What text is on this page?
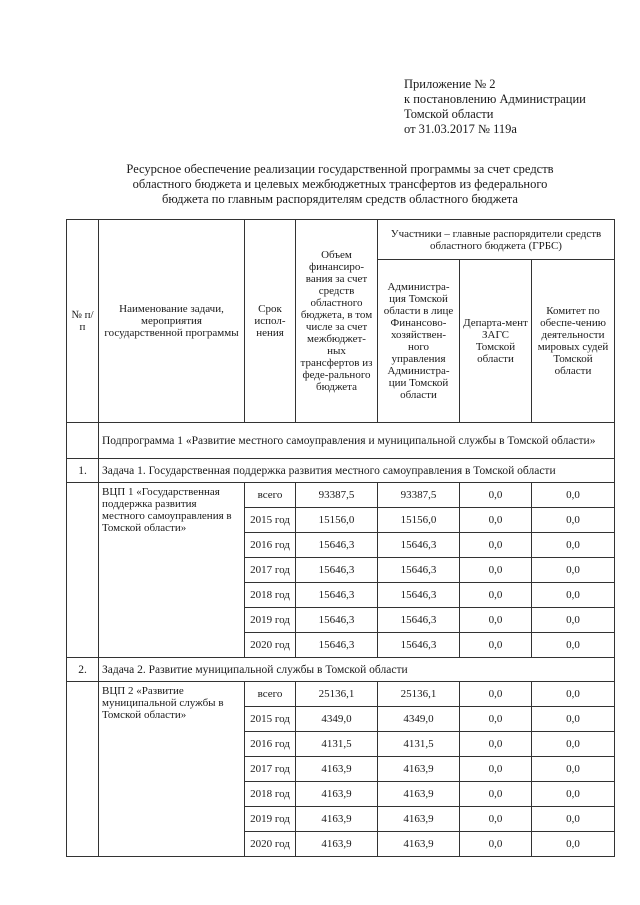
Приложение № 2
к постановлению Администрации
Томской области
от 31.03.2017 № 119а
Ресурсное обеспечение реализации государственной программы за счет средств
областного бюджета и целевых межбюджетных трансфертов из федерального
бюджета по главным распорядителям средств областного бюджета
№ п/п	Наименование задачи, мероприятия государственной программы	Срок испол-нения	Объем финансиро-вания за счет средств областного бюджета, в том числе за счет межбюджет-ных трансфертов из феде-рального бюджета	Участники – главные распорядители средств областного бюджета (ГРБС)		
				Администра-ция Томской области в лице Финансово-хозяйствен-ного управления Администра-ции Томской области	Департа-мент ЗАГС Томской области	Комитет по обеспе-чению деятельности мировых судей Томской области
	Подпрограмма 1 «Развитие местного самоуправления и муниципальной службы в Томской области»					
1.	Задача 1. Государственная поддержка развития местного самоуправления в Томской области					
	ВЦП 1 «Государственная поддержка развития местного самоуправления в Томской области»	всего	93387,5	93387,5	0,0	0,0
		2015 год	15156,0	15156,0	0,0	0,0
		2016 год	15646,3	15646,3	0,0	0,0
		2017 год	15646,3	15646,3	0,0	0,0
		2018 год	15646,3	15646,3	0,0	0,0
		2019 год	15646,3	15646,3	0,0	0,0
		2020 год	15646,3	15646,3	0,0	0,0
2.	Задача 2. Развитие муниципальной службы в Томской области					
	ВЦП 2 «Развитие муниципальной службы в Томской области»	всего	25136,1	25136,1	0,0	0,0
		2015 год	4349,0	4349,0	0,0	0,0
		2016 год	4131,5	4131,5	0,0	0,0
		2017 год	4163,9	4163,9	0,0	0,0
		2018 год	4163,9	4163,9	0,0	0,0
		2019 год	4163,9	4163,9	0,0	0,0
		2020 год	4163,9	4163,9	0,0	0,0
